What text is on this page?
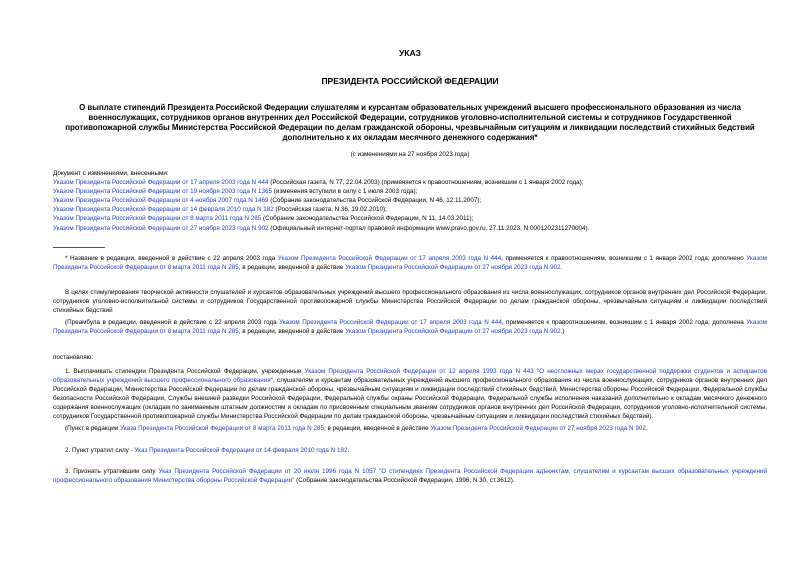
УКАЗ
ПРЕЗИДЕНТА РОССИЙСКОЙ ФЕДЕРАЦИИ
О выплате стипендий Президента Российской Федерации слушателям и курсантам образовательных учреждений высшего профессионального образования из числа военнослужащих, сотрудников органов внутренних дел Российской Федерации, сотрудников уголовно-исполнительной системы и сотрудников Государственной противопожарной службы Министерства Российской Федерации по делам гражданской обороны, чрезвычайным ситуациям и ликвидации последствий стихийных бедствий дополнительно к их окладам месячного денежного содержания*
(с изменениями на 27 ноября 2023 года)
Документ с изменениями, внесенными:
Указом Президента Российской Федерации от 17 апреля 2003 года N 444 (Российская газета, N 77, 22.04.2003) (применяется к правоотношениям, возникшим с 1 января 2002 года);
Указом Президента Российской Федерации от 19 ноября 2003 года N 1365 (изменения вступили в силу с 1 июля 2003 года);
Указом Президента Российской Федерации от 4 ноября 2007 года N 1469 (Собрание законодательства Российской Федерации, N 46, 12.11.2007);
Указом Президента Российской Федерации от 14 февраля 2010 года N 182 (Российская газета, N 36, 19.02.2010);
Указом Президента Российской Федерации от 8 марта 2011 года N 285 (Собрание законодательства Российской Федерации, N 11, 14.03.2011);
Указом Президента Российской Федерации от 27 ноября 2023 года N 902 (Официальный интернет-портал правовой информации www.pravo.gov.ru, 27.11.2023, N 0001202311270004).

* Название в редакции, введенной в действие с 22 апреля 2003 года Указом Президента Российской Федерации от 17 апреля 2003 года N 444, применяется к правоотношениям, возникшим с 1 января 2002 года; дополнено Указом Президента Российской Федерации от 8 марта 2011 года N 285; в редакции, введенной в действие Указом Президента Российской Федерации от 27 ноября 2023 года N 902.

В целях стимулирования творческой активности слушателей и курсантов образовательных учреждений высшего профессионального образования из числа военнослужащих, сотрудников органов внутренних дел Российской Федерации, сотрудников уголовно-исполнительной системы и сотрудников Государственной противопожарной службы Министерства Российской Федерации по делам гражданской обороны, чрезвычайным ситуациям и ликвидации последствий стихийных бедствий

(Преамбула в редакции, введенной в действие с 22 апреля 2003 года Указом Президента Российской Федерации от 17 апреля 2003 года N 444, применяется к правоотношениям, возникшим с 1 января 2002 года; дополнена Указом Президента Российской Федерации от 8 марта 2011 года N 285; в редакции, введенной в действие Указом Президента Российской Федерации от 27 ноября 2023 года N 902.)

постановляю:

1. Выплачивать стипендии Президента Российской Федерации, учрежденные Указом Президента Российской Федерации от 12 апреля 1993 года N 443 "О неотложных мерах государственной поддержки студентов и аспирантов образовательных учреждений высшего профессионального образования", слушателям и курсантам образовательных учреждений высшего профессионального образования из числа военнослужащих, сотрудников органов внутренних дел Российской Федерации, Министерства Российской Федерации по делам гражданской обороны, чрезвычайным ситуациям и ликвидации последствий стихийных бедствий, Министерства обороны Российской Федерации, Федеральной службы безопасности Российской Федерации, Службы внешней разведки Российской Федерации, Федеральной службы охраны Российской Федерации, Федеральной службы исполнения наказаний дополнительно к окладам месячного денежного содержания военнослужащих (окладам по занимаемым штатным должностям и окладам по присвоенным специальным званиям сотрудников органов внутренних дел Российской Федерации, сотрудников уголовно-исполнительной системы, сотрудников Государственной противопожарной службы Министерства Российской Федерации по делам гражданской обороны, чрезвычайным ситуациям и ликвидации последствий стихийных бедствий).

(Пункт в редакции Указа Президента Российской Федерации от 8 марта 2011 года N 285; в редакции, введенной в действие Указом Президента Российской Федерации от 27 ноября 2023 года N 902.

2. Пункт утратил силу - Указ Президента Российской Федерации от 14 февраля 2010 года N 182.

3. Признать утратившим силу Указ Президента Российской Федерации от 20 июля 1996 года N 1057 "О стипендиях Президента Российской Федерации адъюнктам, слушателям и курсантам высших образовательных учреждений профессионального образования Министерства обороны Российской Федерации" (Собрание законодательства Российской Федерации, 1996, N 30, ст.3612).
